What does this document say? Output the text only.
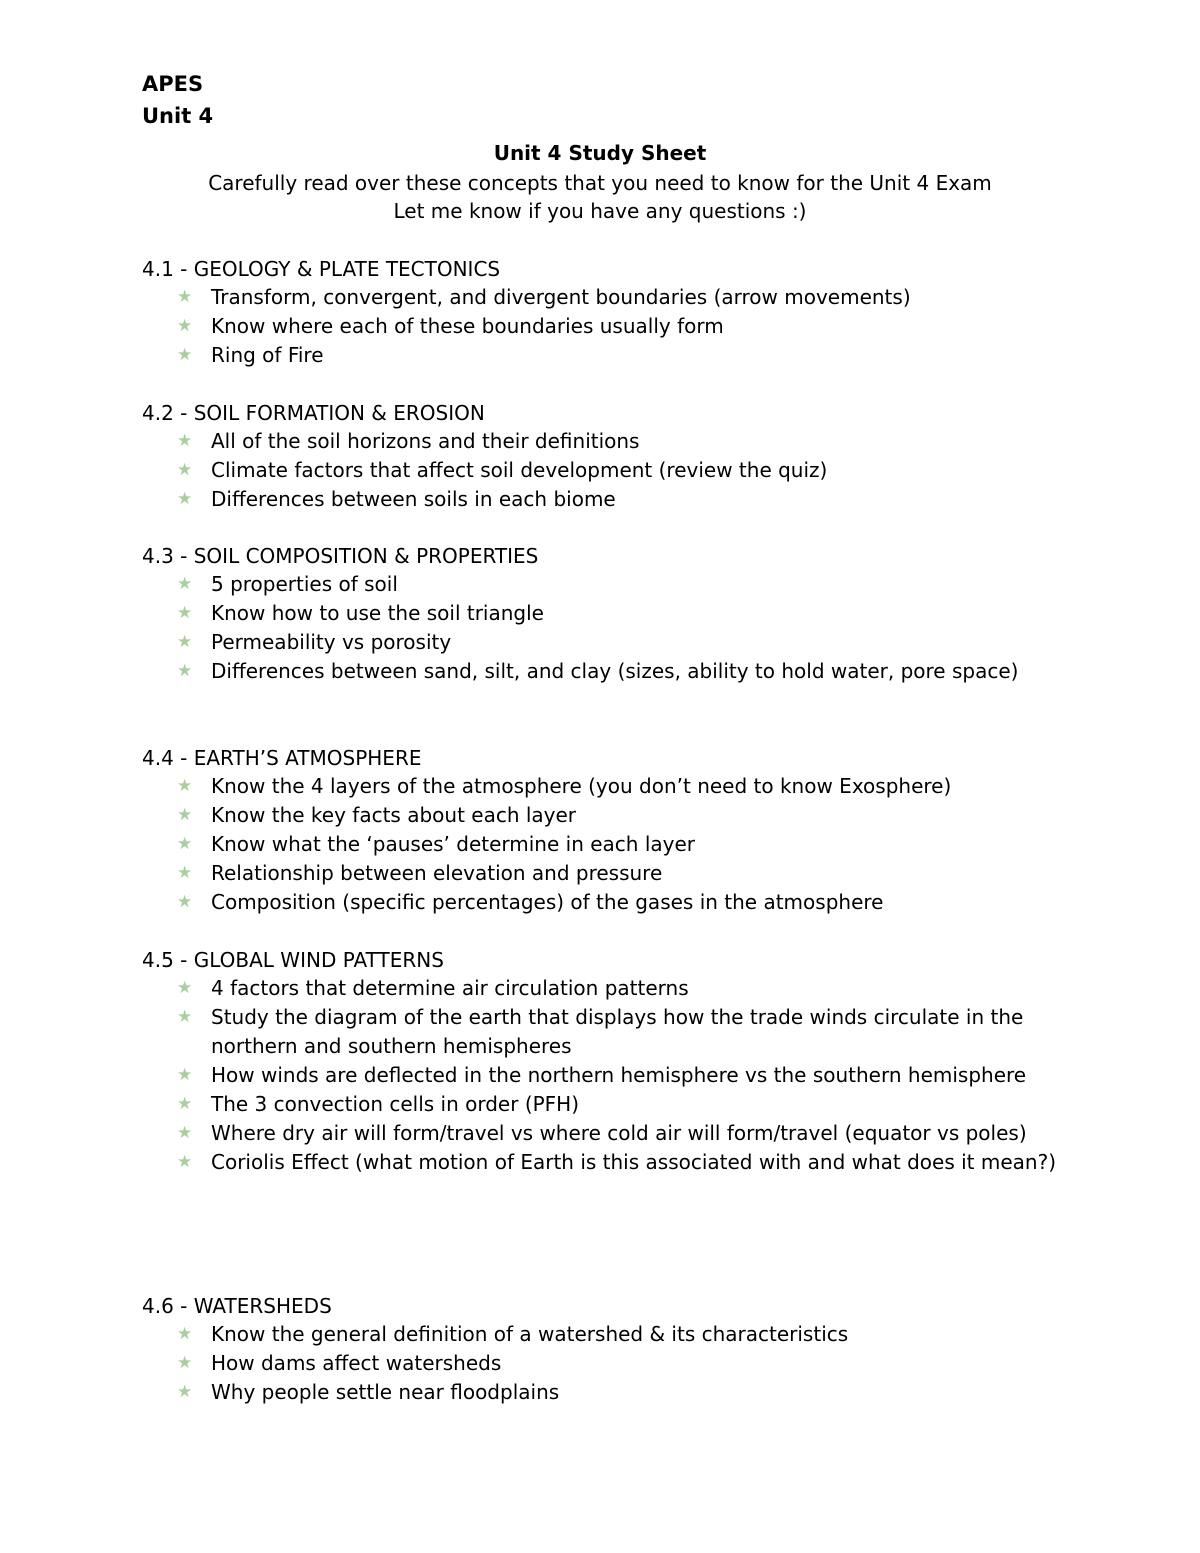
APES

Unit 4

Unit 4 Study Sheet

Carefully read over these concepts that you need to know for the Unit 4 Exam

Let me know if you have any questions :)

4.1 - GEOLOGY & PLATE TECTONICS
★ Transform, convergent, and divergent boundaries (arrow movements)
★ Know where each of these boundaries usually form
★ Ring of Fire
4.2 - SOIL FORMATION & EROSION
★ All of the soil horizons and their definitions
★ Climate factors that affect soil development (review the quiz)
★ Differences between soils in each biome
4.3 - SOIL COMPOSITION & PROPERTIES
★ 5 properties of soil
★ Know how to use the soil triangle
★ Permeability vs porosity
★ Differences between sand, silt, and clay (sizes, ability to hold water, pore space)
4.4 - EARTH’S ATMOSPHERE
★ Know the 4 layers of the atmosphere (you don’t need to know Exosphere)
★ Know the key facts about each layer
★ Know what the ‘pauses’ determine in each layer
★ Relationship between elevation and pressure
★ Composition (specific percentages) of the gases in the atmosphere
4.5 - GLOBAL WIND PATTERNS
★ 4 factors that determine air circulation patterns
★ Study the diagram of the earth that displays how the trade winds circulate in the northern and southern hemispheres
★ How winds are deflected in the northern hemisphere vs the southern hemisphere
★ The 3 convection cells in order (PFH)
★ Where dry air will form/travel vs where cold air will form/travel (equator vs poles)
★ Coriolis Effect (what motion of Earth is this associated with and what does it mean?)
4.6 - WATERSHEDS
★ Know the general definition of a watershed & its characteristics
★ How dams affect watersheds
★ Why people settle near floodplains
